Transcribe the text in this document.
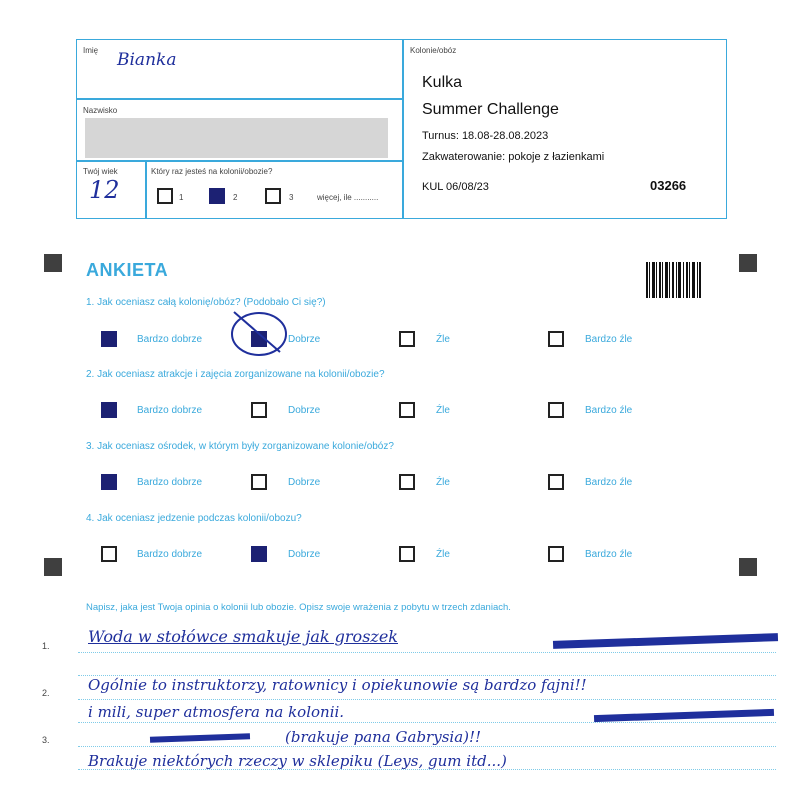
Imię Bianka
Nazwisko
Twój wiek
12
Który raz jesteś na kolonii/obozie?
1	2	3	więcej, ile ...........
Kolonie/obóz
Kulka
Summer Challenge
Turnus: 18.08-28.08.2023
Zakwaterowanie: pokoje z łazienkami
KUL 06/08/23	03266
ANKIETA
1. Jak oceniasz całą kolonię/obóz? (Podobało Ci się?)
2. Jak oceniasz atrakcje i zajęcia zorganizowane na kolonii/obozie?
3. Jak oceniasz ośrodek, w którym były zorganizowane kolonie/obóz?
4. Jak oceniasz jedzenie podczas kolonii/obozu?
Bardzo dobrze	Dobrze	Źle	Bardzo źle
Bardzo dobrze	Dobrze	Źle	Bardzo źle
Bardzo dobrze	Dobrze	Źle	Bardzo źle
Bardzo dobrze	Dobrze	Źle	Bardzo źle
Napisz, jaka jest Twoja opinia o kolonii lub obozie. Opisz swoje wrażenia z pobytu w trzech zdaniach.
1.
2.
3.
Woda w stołówce smakuje jak groszek
Ogólnie to instruktorzy, ratownicy i opiekunowie są bardzo fajni!!
i mili, super atmosfera na kolonii.
(brakuje pana Gabrysia)!!
Brakuje niektórych rzeczy w sklepiku (Leys, gum itd...)
